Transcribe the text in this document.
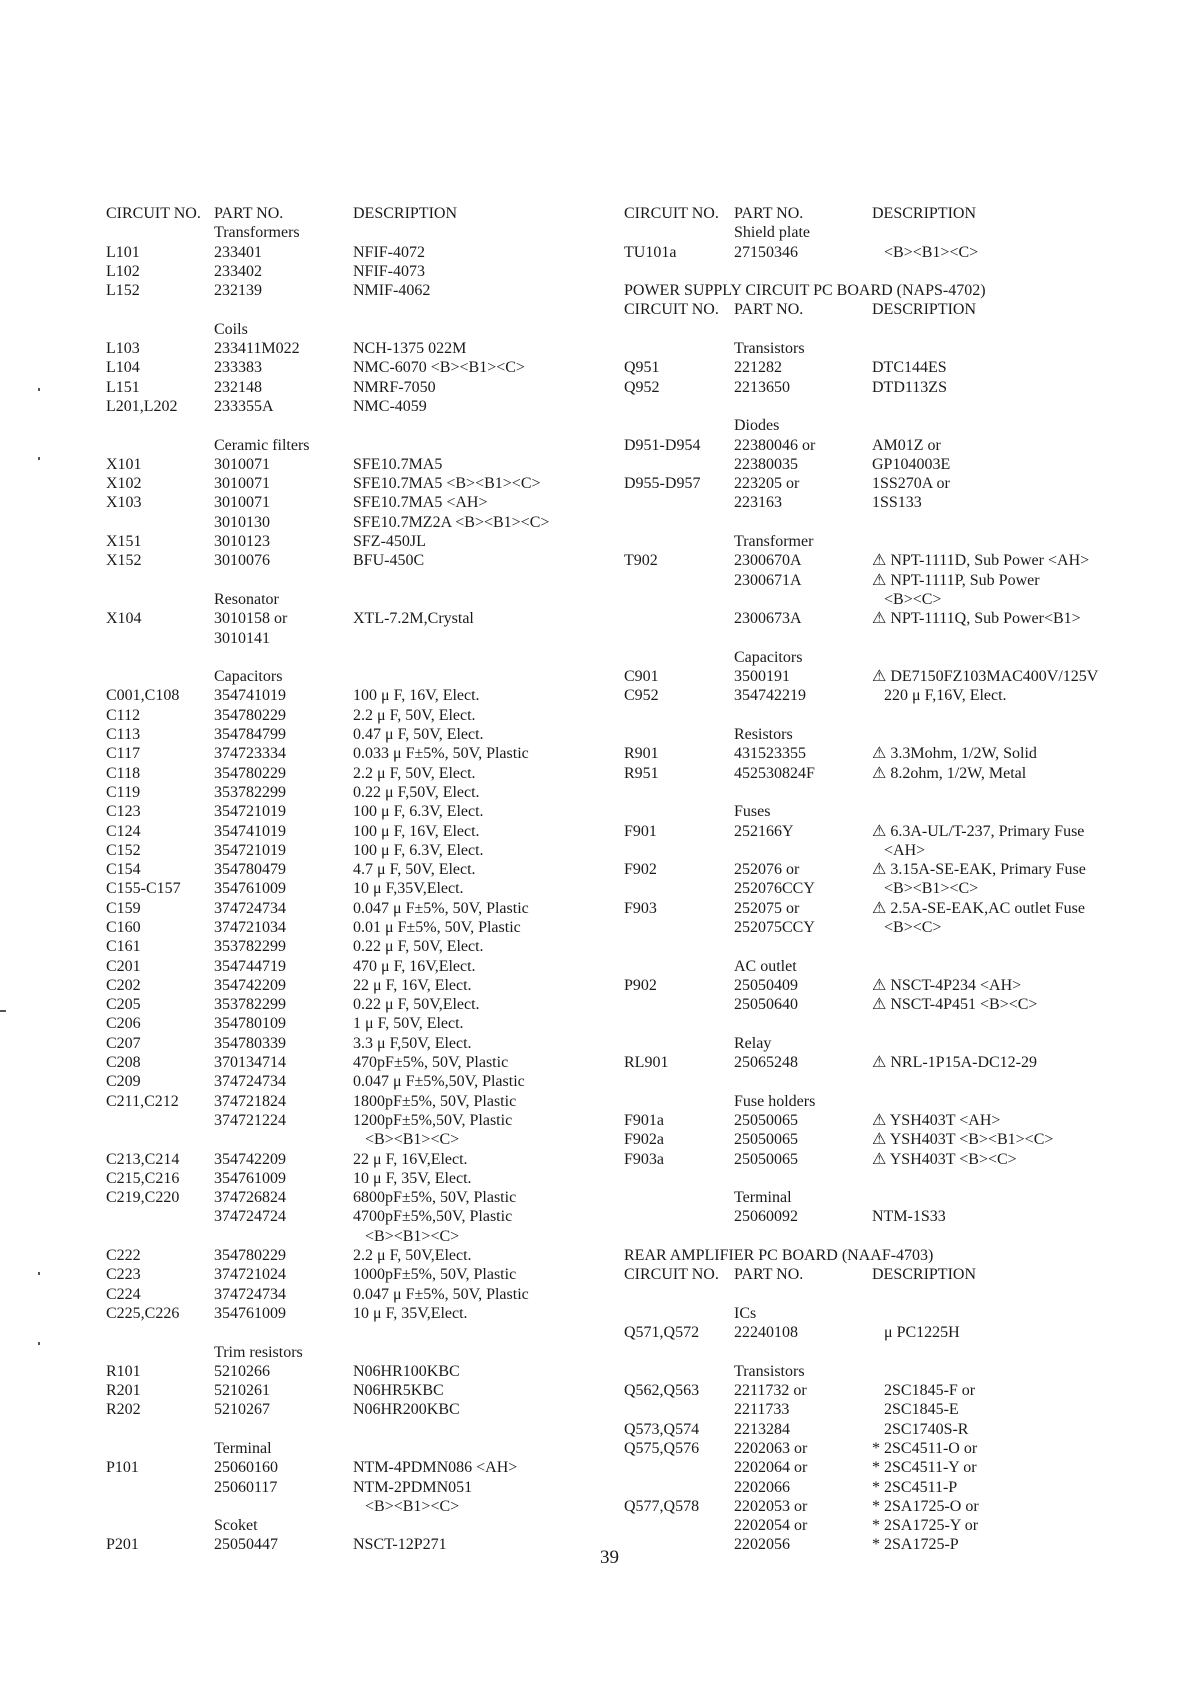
CIRCUIT NO. PART NO.	DESCRIPTION
Transformers
L101	233401	NFIF-4072
L102	233402	NFIF-4073
L152	232139	NMIF-4062
Coils
L103	233411M022	NCH-1375 022M
L104	233383	NMC-6070 <B><B1><C>
L151	232148	NMRF-7050
L201,L202 233355A	NMC-4059
Ceramic filters
X101	3010071	SFE10.7MA5
X102	3010071	SFE10.7MA5 <B><B1><C>
X103	3010071	SFE10.7MA5 <AH>
3010130	SFE10.7MZ2A <B><B1><C>
X151	3010123	SFZ-450JL
X152	3010076	BFU-450C
Resonator
X104	3010158 or	XTL-7.2M,Crystal
3010141
Capacitors
C001,C108 354741019	100 μ F, 16V, Elect.
C112	354780229	2.2 μ F, 50V, Elect.
C113	354784799	0.47 μ F, 50V, Elect.
C117	374723334	0.033 μ F±5%, 50V, Plastic
C118	354780229	2.2 μ F, 50V, Elect.
C119	353782299	0.22 μ F,50V, Elect.
C123	354721019	100 μ F, 6.3V, Elect.
C124	354741019	100 μ F, 16V, Elect.
C152	354721019	100 μ F, 6.3V, Elect.
C154	354780479	4.7 μ F, 50V, Elect.
C155-C157 354761009	10 μ F,35V,Elect.
C159	374724734	0.047 μ F±5%, 50V, Plastic
C160	374721034	0.01 μ F±5%, 50V, Plastic
C161	353782299	0.22 μ F, 50V, Elect.
C201	354744719	470 μ F, 16V,Elect.
C202	354742209	22 μ F, 16V, Elect.
C205	353782299	0.22 μ F, 50V,Elect.
C206	354780109	1 μ F, 50V, Elect.
C207	354780339	3.3 μ F,50V, Elect.
C208	370134714	470pF±5%, 50V, Plastic
C209	374724734	0.047 μ F±5%,50V, Plastic
C211,C212 374721824	1800pF±5%, 50V, Plastic
374721224	1200pF±5%,50V, Plastic
<B><B1><C>
C213,C214 354742209	22 μ F, 16V,Elect.
C215,C216 354761009	10 μ F, 35V, Elect.
C219,C220 374726824	6800pF±5%, 50V, Plastic
374724724	4700pF±5%,50V, Plastic
<B><B1><C>
C222	354780229	2.2 μ F, 50V,Elect.
C223	374721024	1000pF±5%, 50V, Plastic
C224	374724734	0.047 μ F±5%, 50V, Plastic
C225,C226 354761009	10 μ F, 35V,Elect.
Trim resistors
R101	5210266	N06HR100KBC
R201	5210261	N06HR5KBC
R202	5210267	N06HR200KBC
Terminal
P101	25060160	NTM-4PDMN086 <AH>
25060117	NTM-2PDMN051
<B><B1><C>
Scoket
P201	25050447	NSCT-12P271
CIRCUIT NO. PART NO.	DESCRIPTION
Shield plate
TU101a	27150346	<B><B1><C>
POWER SUPPLY CIRCUIT PC BOARD (NAPS-4702)
CIRCUIT NO. PART NO.	DESCRIPTION
Transistors
Q951	221282	DTC144ES
Q952	2213650	DTD113ZS
Diodes
D951-D954 22380046 or	AM01Z or
22380035	GP104003E
D955-D957 223205 or	1SS270A or
223163	1SS133
Transformer
T902	2300670A	⚠ NPT-1111D, Sub Power <AH>
2300671A	⚠ NPT-1111P, Sub Power
<B><C>
2300673A	⚠ NPT-1111Q, Sub Power<B1>
Capacitors
C901	3500191	⚠ DE7150FZ103MAC400V/125V
C952	354742219	220 μ F,16V, Elect.
Resistors
R901	431523355	⚠ 3.3Mohm, 1/2W, Solid
R951	452530824F	⚠ 8.2ohm, 1/2W, Metal
Fuses
F901	252166Y	⚠ 6.3A-UL/T-237, Primary Fuse
<AH>
F902	252076 or	⚠ 3.15A-SE-EAK, Primary Fuse
252076CCY	<B><B1><C>
F903	252075 or	⚠ 2.5A-SE-EAK,AC outlet Fuse
252075CCY	<B><C>
AC outlet
P902	25050409	⚠ NSCT-4P234 <AH>
25050640	⚠ NSCT-4P451 <B><C>
Relay
RL901	25065248	⚠ NRL-1P15A-DC12-29
Fuse holders
F901a	25050065	⚠ YSH403T <AH>
F902a	25050065	⚠ YSH403T <B><B1><C>
F903a	25050065	⚠ YSH403T <B><C>
Terminal
25060092	NTM-1S33
REAR AMPLIFIER PC BOARD (NAAF-4703)
CIRCUIT NO. PART NO.	DESCRIPTION
ICs
Q571,Q572 22240108	μ PC1225H
Transistors
Q562,Q563 2211732 or	2SC1845-F or
2211733	2SC1845-E
Q573,Q574 2213284	2SC1740S-R
Q575,Q576 2202063 or	* 2SC4511-O or
2202064 or	* 2SC4511-Y or
2202066	* 2SC4511-P
Q577,Q578 2202053 or	* 2SA1725-O or
2202054 or	* 2SA1725-Y or
2202056	* 2SA1725-P
39
